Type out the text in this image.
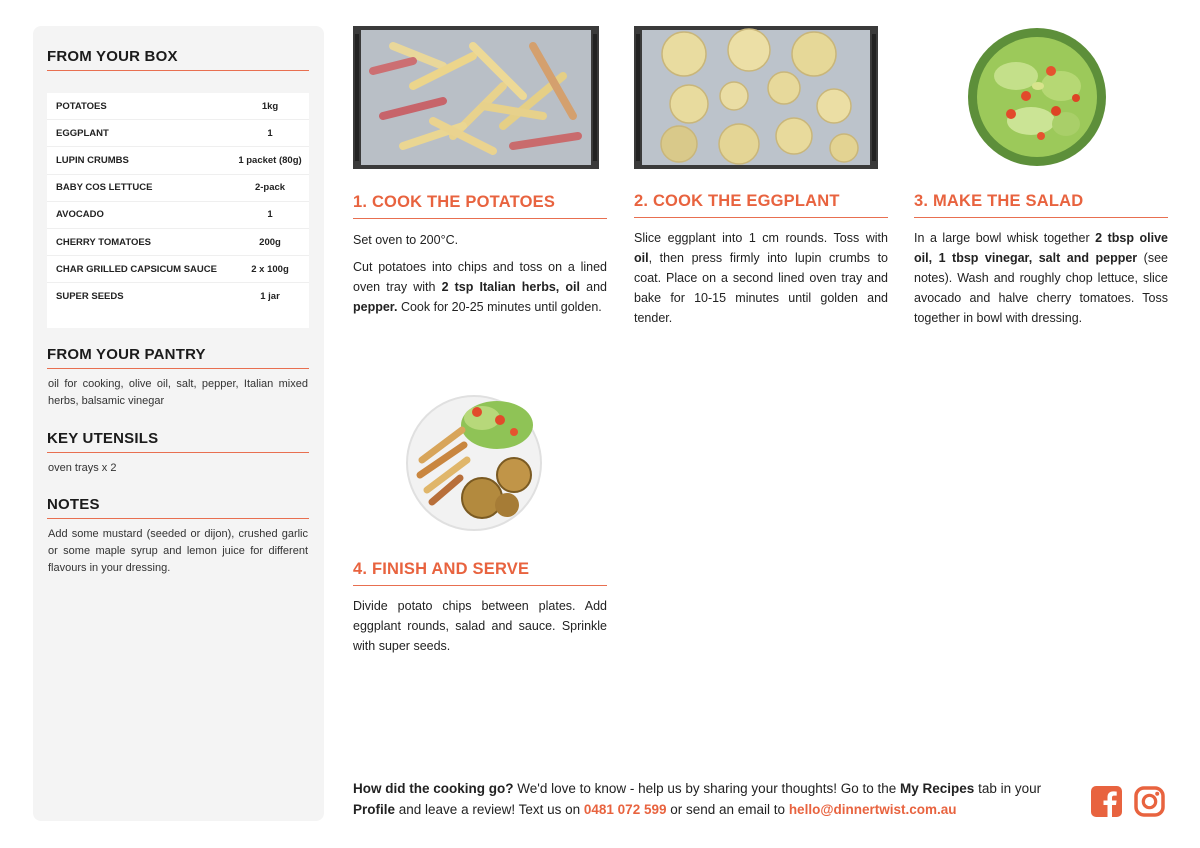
FROM YOUR BOX
POTATOES	1kg
EGGPLANT	1
LUPIN CRUMBS	1 packet (80g)
BABY COS LETTUCE	2-pack
AVOCADO	1
CHERRY TOMATOES	200g
CHAR GRILLED CAPSICUM SAUCE	2 x 100g
SUPER SEEDS	1 jar
FROM YOUR PANTRY
oil for cooking, olive oil, salt, pepper, Italian mixed herbs, balsamic vinegar
KEY UTENSILS
oven trays x 2
NOTES
Add some mustard (seeded or dijon), crushed garlic or some maple syrup and lemon juice for different flavours in your dressing.
1. COOK THE POTATOES

Set oven to 200°C.

Cut potatoes into chips and toss on a lined oven tray with 2 tsp Italian herbs, oil and pepper. Cook for 20-25 minutes until golden.

2. COOK THE EGGPLANT

Slice eggplant into 1 cm rounds. Toss with oil, then press firmly into lupin crumbs to coat. Place on a second lined oven tray and bake for 10-15 minutes until golden and tender.

3. MAKE THE SALAD

In a large bowl whisk together 2 tbsp olive oil, 1 tbsp vinegar, salt and pepper (see notes). Wash and roughly chop lettuce, slice avocado and halve cherry tomatoes. Toss together in bowl with dressing.

4. FINISH AND SERVE

Divide potato chips between plates. Add eggplant rounds, salad and sauce. Sprinkle with super seeds.

How did the cooking go? We'd love to know - help us by sharing your thoughts! Go to the My Recipes tab in your Profile and leave a review! Text us on 0481 072 599 or send an email to hello@dinnertwist.com.au
